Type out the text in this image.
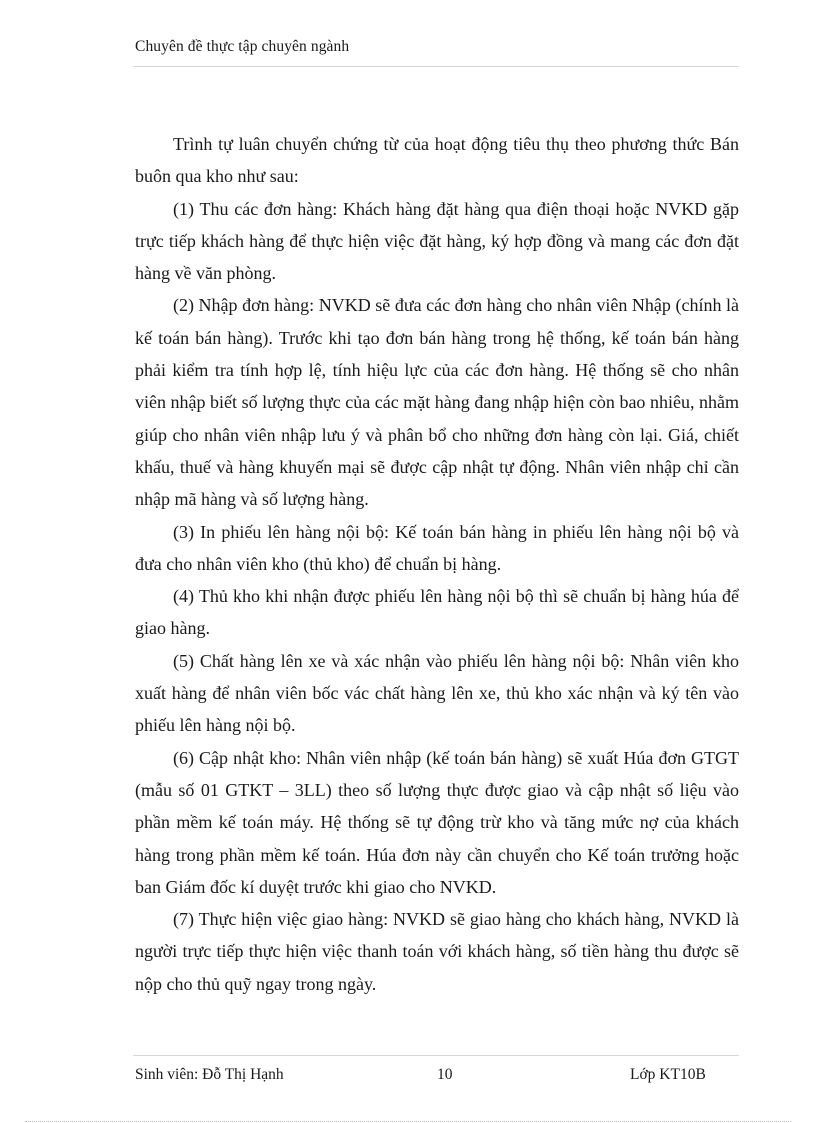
Chuyên đề thực tập chuyên ngành

Trình tự luân chuyển chứng từ của hoạt động tiêu thụ theo phương thức Bán buôn qua kho như sau:

(1) Thu các đơn hàng: Khách hàng đặt hàng qua điện thoại hoặc NVKD gặp trực tiếp khách hàng để thực hiện việc đặt hàng, ký hợp đồng và mang các đơn đặt hàng về văn phòng.

(2) Nhập đơn hàng: NVKD sẽ đưa các đơn hàng cho nhân viên Nhập (chính là kế toán bán hàng). Trước khi tạo đơn bán hàng trong hệ thống, kế toán bán hàng phải kiểm tra tính hợp lệ, tính hiệu lực của các đơn hàng. Hệ thống sẽ cho nhân viên nhập biết số lượng thực của các mặt hàng đang nhập hiện còn bao nhiêu, nhằm giúp cho nhân viên nhập lưu ý và phân bổ cho những đơn hàng còn lại. Giá, chiết khấu, thuế và hàng khuyến mại sẽ được cập nhật tự động. Nhân viên nhập chỉ cần nhập mã hàng và số lượng hàng.

(3) In phiếu lên hàng nội bộ: Kế toán bán hàng in phiếu lên hàng nội bộ và đưa cho nhân viên kho (thủ kho) để chuẩn bị hàng.

(4) Thủ kho khi nhận được phiếu lên hàng nội bộ thì sẽ chuẩn bị hàng húa để giao hàng.

(5) Chất hàng lên xe và xác nhận vào phiếu lên hàng nội bộ: Nhân viên kho xuất hàng để nhân viên bốc vác chất hàng lên xe, thủ kho xác nhận và ký tên vào phiếu lên hàng nội bộ.

(6) Cập nhật kho: Nhân viên nhập (kế toán bán hàng) sẽ xuất Húa đơn GTGT (mẫu số 01 GTKT – 3LL) theo số lượng thực được giao và cập nhật số liệu vào phần mềm kế toán máy. Hệ thống sẽ tự động trừ kho và tăng mức nợ của khách hàng trong phần mềm kế toán. Húa đơn này cần chuyển cho Kế toán trưởng hoặc ban Giám đốc kí duyệt trước khi giao cho NVKD.

(7) Thực hiện việc giao hàng: NVKD sẽ giao hàng cho khách hàng, NVKD là người trực tiếp thực hiện việc thanh toán với khách hàng, số tiền hàng thu được sẽ nộp cho thủ quỹ ngay trong ngày.

Sinh viên: Đỗ Thị Hạnh	10	Lớp KT10B
